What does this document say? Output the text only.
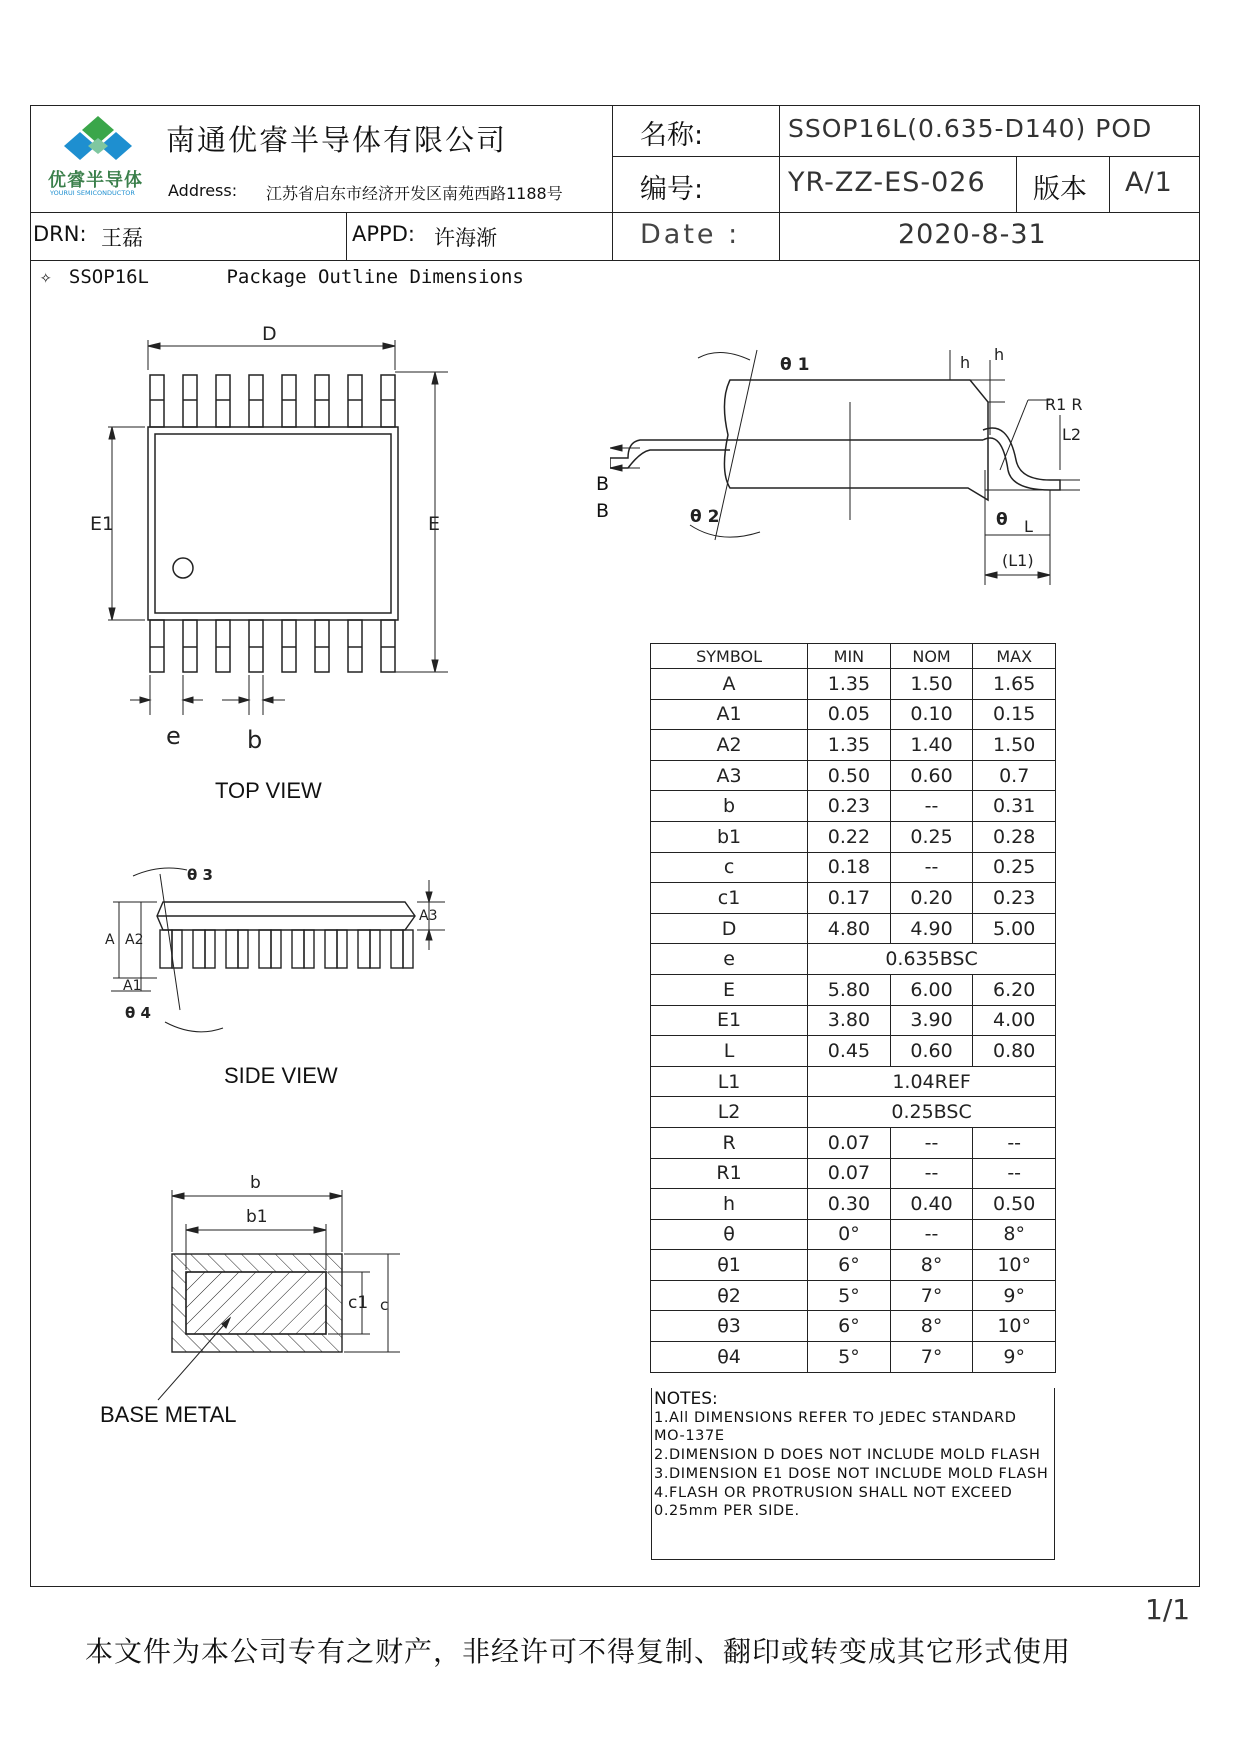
优睿半导体
YOURUI SEMICONDUCTOR
南通优睿半导体有限公司
Address: 江苏省启东市经济开发区南苑西路1188号
名称:	SSOP16L(0.635-D140) POD
编号:	YR-ZZ-ES-026 版本 A/1
DRN: 王磊	APPD: 许海渐	Date :	2020-8-31
✧ SSOP16L	Package Outline Dimensions
D
E1	E
e	b
TOP VIEW
θ 3
A A2
A1
A3
θ 4
SIDE VIEW
b
b1
c1 c
BASE METAL
θ 1	h h
R1 R
L2
θ L
(L1)
θ 2
B
B
SYMBOL	MIN	NOM	MAX
A	1.35	1.50	1.65
A1	0.05	0.10	0.15
A2	1.35	1.40	1.50
A3	0.50	0.60	0.7
b	0.23	--	0.31
b1	0.22	0.25	0.28
c	0.18	--	0.25
c1	0.17	0.20	0.23
D	4.80	4.90	5.00
e	0.635BSC		
E	5.80	6.00	6.20
E1	3.80	3.90	4.00
L	0.45	0.60	0.80
L1	1.04REF		
L2	0.25BSC		
R	0.07	--	--
R1	0.07	--	--
h	0.30	0.40	0.50
θ	0°	--	8°
θ1	6°	8°	10°
θ2	5°	7°	9°
θ3	6°	8°	10°
θ4	5°	7°	9°
NOTES:
1.All DIMENSIONS REFER TO JEDEC STANDARD MO-137E
2.DIMENSION D DOES NOT INCLUDE MOLD FLASH
3.DIMENSION E1 DOSE NOT INCLUDE MOLD FLASH
4.FLASH OR PROTRUSION SHALL NOT EXCEED 0.25mm PER SIDE.
1/1
本文件为本公司专有之财产，非经许可不得复制、翻印或转变成其它形式使用
